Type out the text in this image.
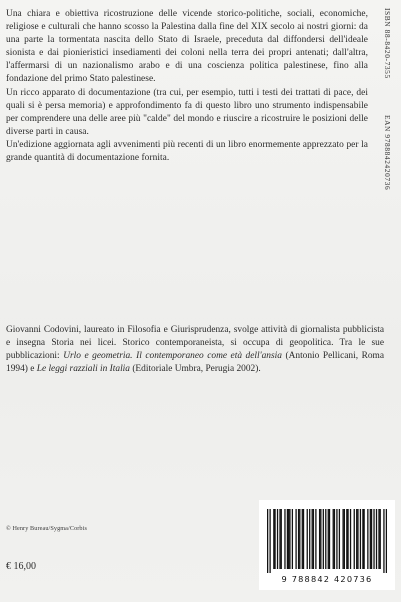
Una chiara e obiettiva ricostruzione delle vicende storico-politiche, sociali, economiche, religiose e culturali che hanno scosso la Palestina dalla fine del XIX secolo ai nostri giorni: da una parte la tormentata nascita dello Stato di Israele, preceduta dal diffondersi dell'ideale sionista e dai pionieristici insediamenti dei coloni nella terra dei propri antenati; dall'altra, l'affermarsi di un nazionalismo arabo e di una coscienza politica palestinese, fino alla fondazione del primo Stato palestinese.

Un ricco apparato di documentazione (tra cui, per esempio, tutti i testi dei trattati di pace, dei quali si è persa memoria) e approfondimento fa di questo libro uno strumento indispensabile per comprendere una delle aree più "calde" del mondo e riuscire a ricostruire le posizioni delle diverse parti in causa.

Un'edizione aggiornata agli avvenimenti più recenti di un libro enormemente apprezzato per la grande quantità di documentazione fornita.

Giovanni Codovini, laureato in Filosofia e Giurisprudenza, svolge attività di giornalista pubblicista e insegna Storia nei licei. Storico contemporaneista, si occupa di geopolitica. Tra le sue pubblicazioni: Urlo e geometria. Il contemporaneo come età dell'ansia (Antonio Pellicani, Roma 1994) e Le leggi razziali in Italia (Editoriale Umbra, Perugia 2002).

© Henry Bureau/Sygma/Corbis
€ 16,00
ISBN 88-8420-7355
EAN 9788842420736
9 788842 420736
